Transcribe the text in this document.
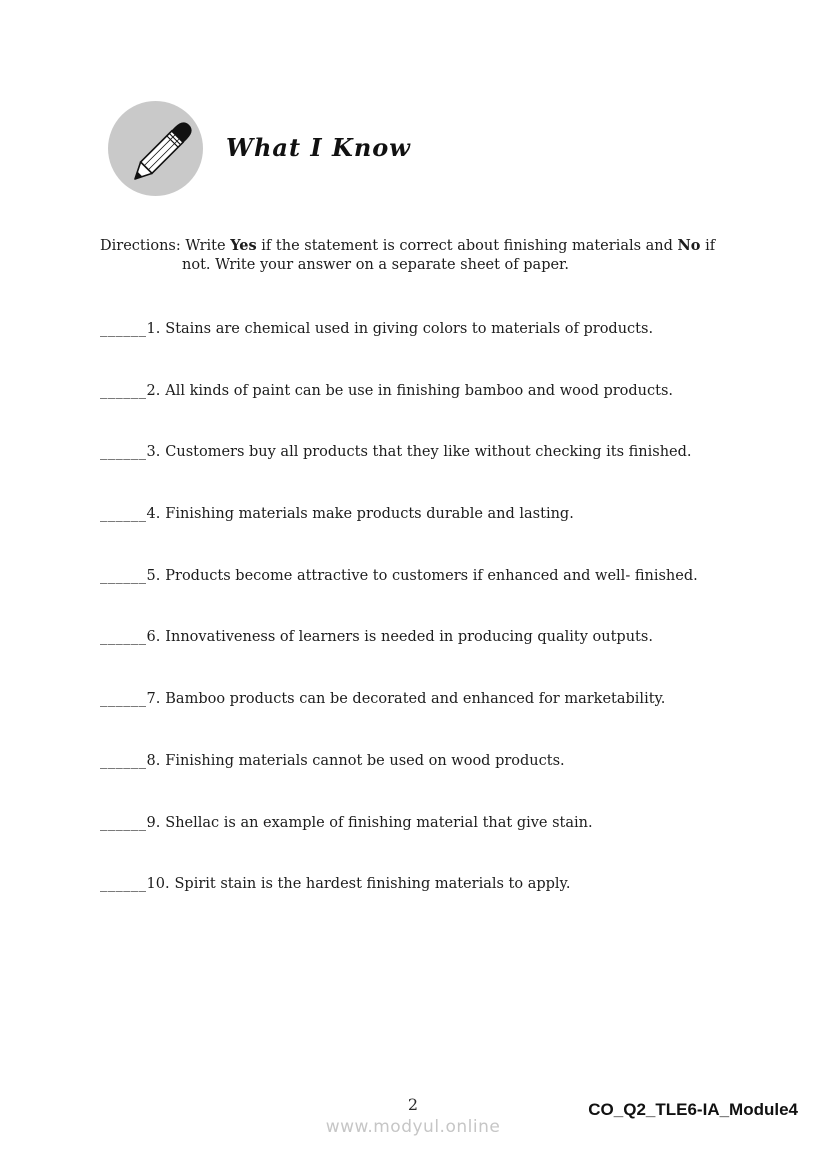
What I Know
Directions: Write Yes if the statement is correct about finishing materials and No if
not. Write your answer on a separate sheet of paper.
______1. Stains are chemical used in giving colors to materials of products.
______2. All kinds of paint can be use in finishing bamboo and wood products.
______3. Customers buy all products that they like without checking its finished.
______4. Finishing materials make products durable and lasting.
______5. Products become attractive to customers if enhanced and well- finished.
______6. Innovativeness of learners is needed in producing quality outputs.
______7. Bamboo products can be decorated and enhanced for marketability.
______8. Finishing materials cannot be used on wood products.
______9. Shellac is an example of finishing material that give stain.
______10. Spirit stain is the hardest finishing materials to apply.
2
www.modyul.online
CO_Q2_TLE6-IA_Module4
